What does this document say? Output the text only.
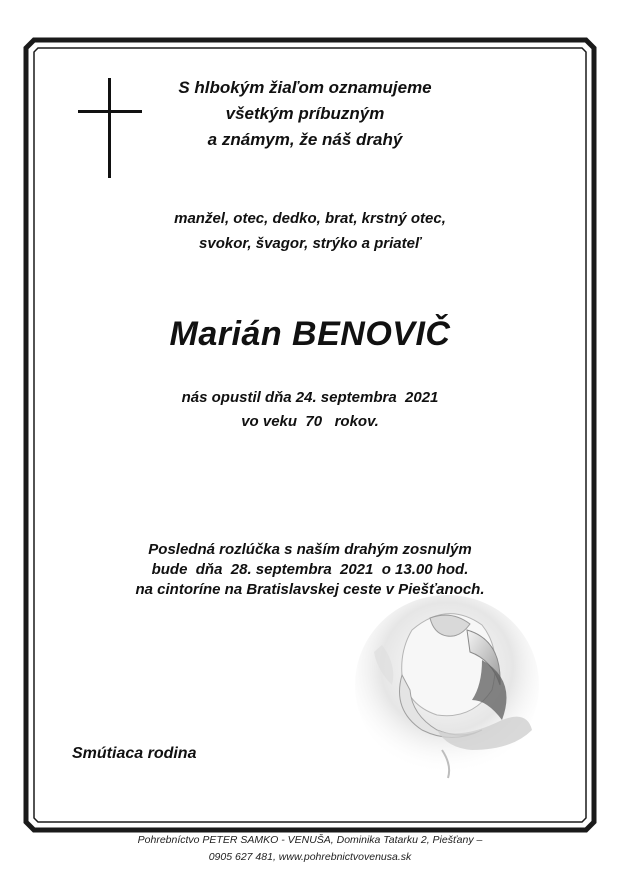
S hlbokým žiaľom oznamujeme
všetkým príbuzným
a známym, že náš drahý
manžel, otec, dedko, brat, krstný otec,
svokor, švagor, strýko a priateľ
Marián BENOVIČ
nás opustil dňa 24. septembra  2021
vo veku  70   rokov.
Posledná rozlúčka s naším drahým zosnulým
bude  dňa  28. septembra  2021  o 13.00 hod.
na cintoríne na Bratislavskej ceste v Piešťanoch.
Smútiaca rodina
Pohrebníctvo PETER SAMKO - VENUŠA, Dominika Tatarku 2, Piešťany –
0905 627 481, www.pohrebnictvovenusa.sk
